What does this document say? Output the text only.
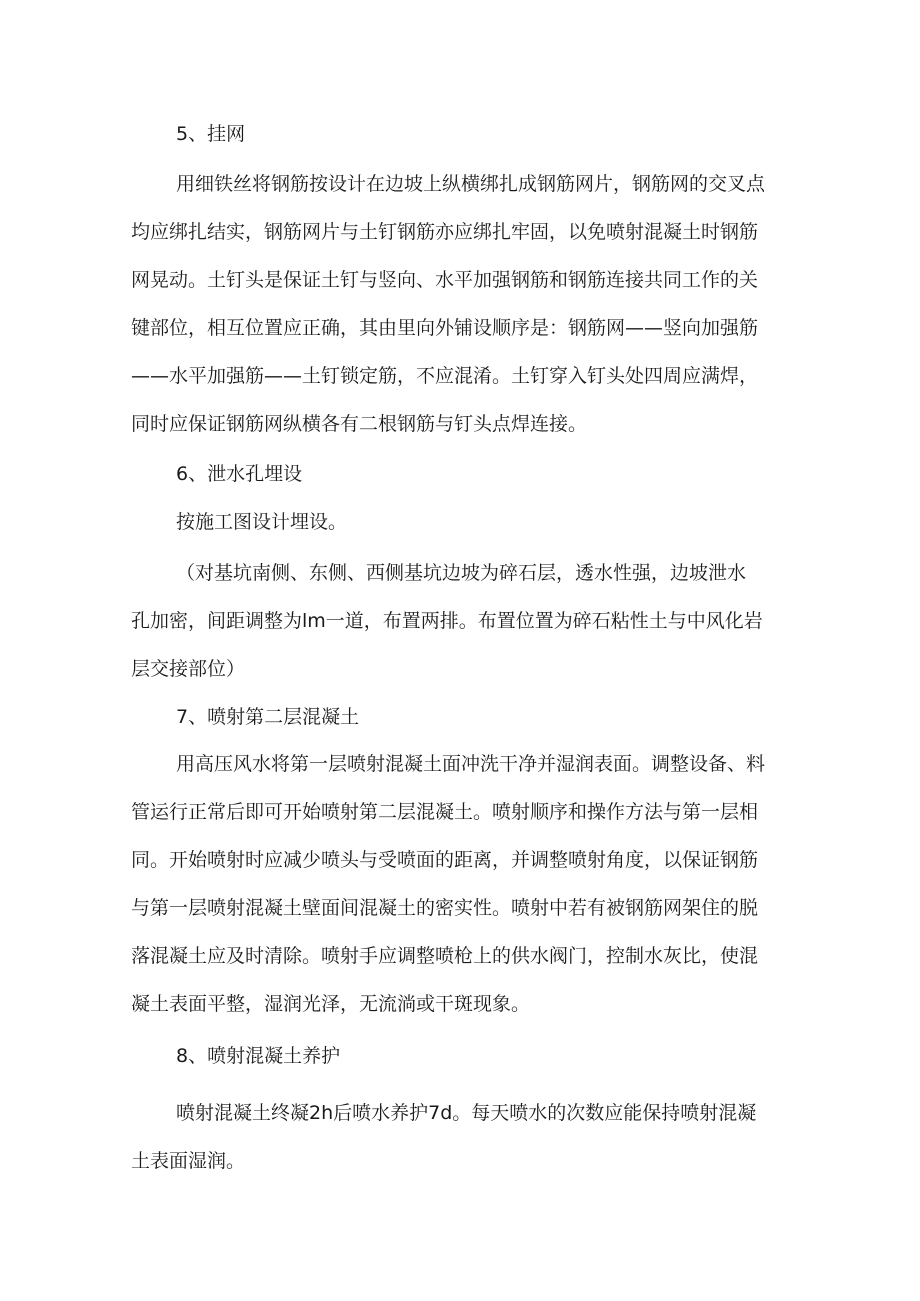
5、挂网
用细铁丝将钢筋按设计在边坡上纵横绑扎成钢筋网片，钢筋网的交叉点
均应绑扎结实，钢筋网片与土钉钢筋亦应绑扎牢固，以免喷射混凝土时钢筋
网晃动。土钉头是保证土钉与竖向、水平加强钢筋和钢筋连接共同工作的关
键部位，相互位置应正确，其由里向外铺设顺序是：钢筋网——竖向加强筋
——水平加强筋——土钉锁定筋，不应混淆。土钉穿入钉头处四周应满焊，
同时应保证钢筋网纵横各有二根钢筋与钉头点焊连接。
6、泄水孔埋设
按施工图设计埋设。
（对基坑南侧、东侧、西侧基坑边坡为碎石层，透水性强，边坡泄水
孔加密，间距调整为lm一道，布置两排。布置位置为碎石粘性土与中风化岩
层交接部位）
7、喷射第二层混凝土
用高压风水将第一层喷射混凝土面冲洗干净并湿润表面。调整设备、料
管运行正常后即可开始喷射第二层混凝土。喷射顺序和操作方法与第一层相
同。开始喷射时应减少喷头与受喷面的距离，并调整喷射角度，以保证钢筋
与第一层喷射混凝土壁面间混凝土的密实性。喷射中若有被钢筋网架住的脱
落混凝土应及时清除。喷射手应调整喷枪上的供水阀门，控制水灰比，使混
凝土表面平整，湿润光泽，无流淌或干斑现象。
8、喷射混凝土养护
喷射混凝土终凝2h后喷水养护7d。每天喷水的次数应能保持喷射混凝
土表面湿润。
